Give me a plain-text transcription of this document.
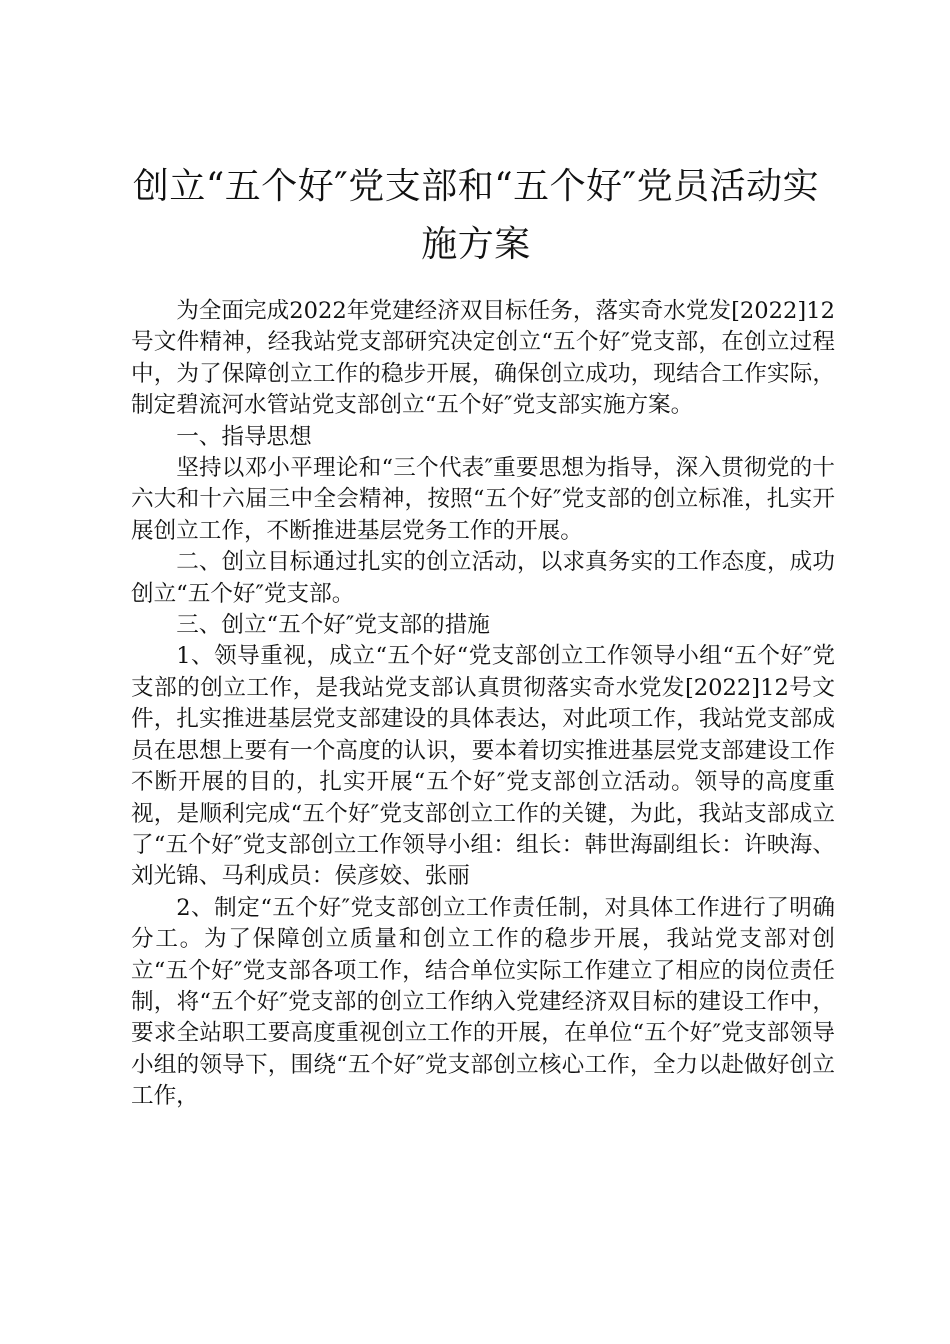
创立“五个好″党支部和“五个好″党员活动实施方案

为全面完成2022年党建经济双目标任务，落实奇水党发[2022]12号文件精神，经我站党支部研究决定创立“五个好″党支部，在创立过程中，为了保障创立工作的稳步开展，确保创立成功，现结合工作实际，制定碧流河水管站党支部创立“五个好″党支部实施方案。

一、指导思想

坚持以邓小平理论和“三个代表″重要思想为指导，深入贯彻党的十六大和十六届三中全会精神，按照“五个好″党支部的创立标准，扎实开展创立工作，不断推进基层党务工作的开展。

二、创立目标通过扎实的创立活动，以求真务实的工作态度，成功创立“五个好″党支部。

三、创立“五个好″党支部的措施

1、领导重视，成立“五个好“党支部创立工作领导小组“五个好″党支部的创立工作，是我站党支部认真贯彻落实奇水党发[2022]12号文件，扎实推进基层党支部建设的具体表达，对此项工作，我站党支部成员在思想上要有一个高度的认识，要本着切实推进基层党支部建设工作不断开展的目的，扎实开展“五个好″党支部创立活动。领导的高度重视，是顺利完成“五个好″党支部创立工作的关键，为此，我站支部成立了“五个好″党支部创立工作领导小组：组长：韩世海副组长：许映海、刘光锦、马利成员：侯彦姣、张丽

2、制定“五个好″党支部创立工作责任制，对具体工作进行了明确分工。为了保障创立质量和创立工作的稳步开展，我站党支部对创立“五个好″党支部各项工作，结合单位实际工作建立了相应的岗位责任制，将“五个好″党支部的创立工作纳入党建经济双目标的建设工作中，要求全站职工要高度重视创立工作的开展，在单位“五个好″党支部领导小组的领导下，围绕“五个好″党支部创立核心工作，全力以赴做好创立工作，
